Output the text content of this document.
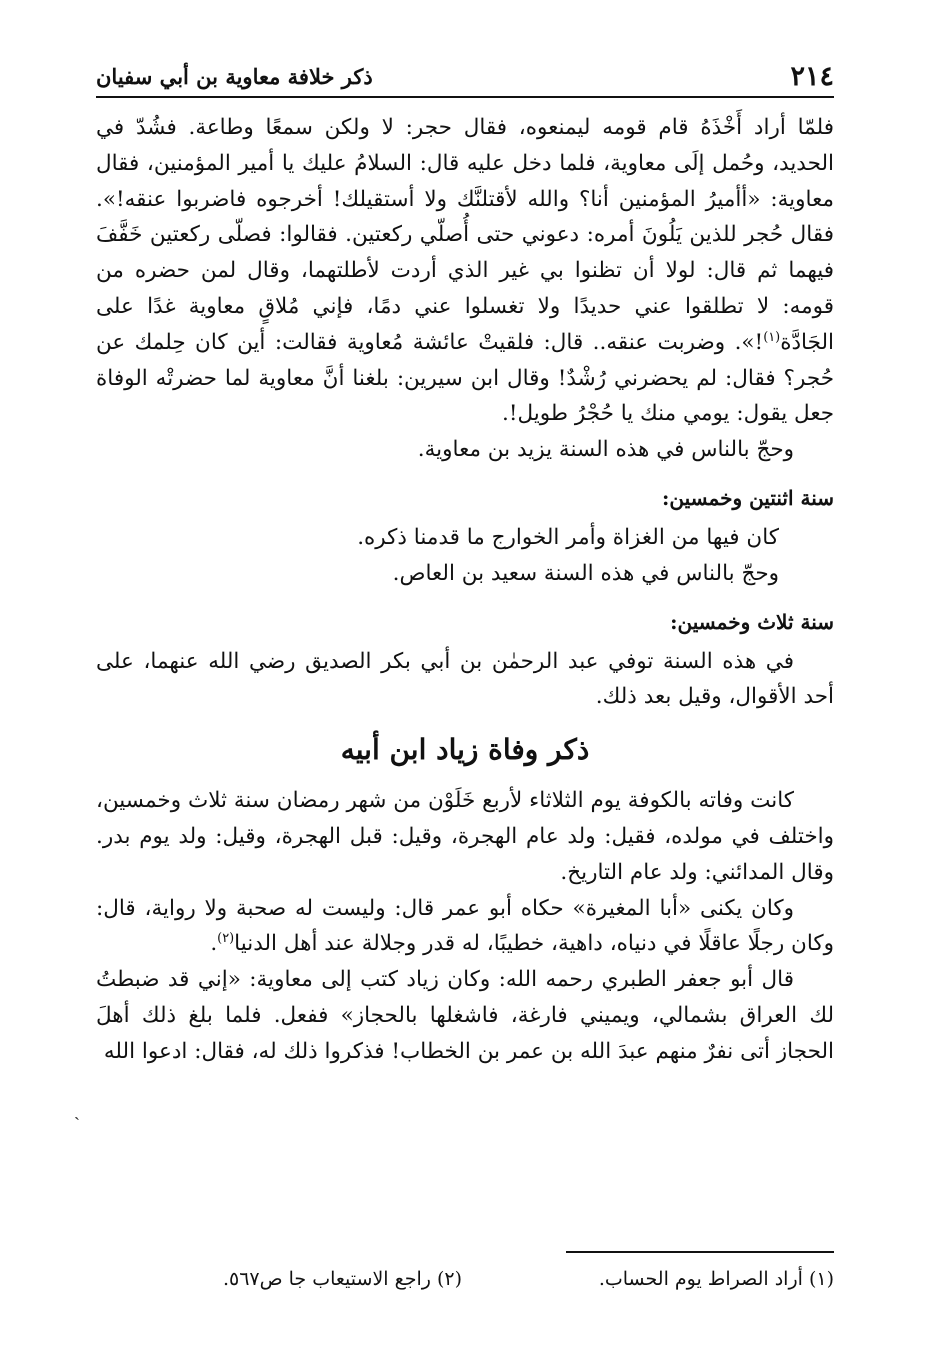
٢١٤
ذكر خلافة معاوية بن أبي سفيان

فلمّا أراد أَخْذَهُ قام قومه ليمنعوه، فقال حجر: لا ولكن سمعًا وطاعة. فشُدّ في الحديد، وحُمل إلَى معاوية، فلما دخل عليه قال: السلامُ عليك يا أمير المؤمنين، فقال معاوية: «أأميرُ المؤمنين أنا؟ والله لأقتلنَّك ولا أستقيلك! أخرجوه فاضربوا عنقه!». فقال حُجر للذين يَلُونَ أمره: دعوني حتى أُصلّي ركعتين. فقالوا: فصلّى ركعتين خَفَّفَ فيهما ثم قال: لولا أن تظنوا بي غير الذي أردت لأطلتهما، وقال لمن حضره من قومه: لا تطلقوا عني حديدًا ولا تغسلوا عني دمًا، فإني مُلاقٍ معاوية غدًا على الجَادَّة$^{(١)}$!». وضربت عنقه.. قال: فلقيتْ عائشة مُعاوية فقالت: أين كان حِلمك عن حُجر؟ فقال: لم يحضرني رُشْدٌ! وقال ابن سيرين: بلغنا أنَّ معاوية لما حضرتْه الوفاة جعل يقول: يومي منك يا حُجْرُ طويل!.

وحجّ بالناس في هذه السنة يزيد بن معاوية.

سنة اثنتين وخمسين:

كان فيها من الغزاة وأمر الخوارج ما قدمنا ذكره.

وحجّ بالناس في هذه السنة سعيد بن العاص.

سنة ثلاث وخمسين:

في هذه السنة توفي عبد الرحمٰن بن أبي بكر الصديق رضي الله عنهما، على أحد الأقوال، وقيل بعد ذلك.

ذكر وفاة زياد ابن أبيه

كانت وفاته بالكوفة يوم الثلاثاء لأربع خَلَوْن من شهر رمضان سنة ثلاث وخمسين، واختلف في مولده، فقيل: ولد عام الهجرة، وقيل: قبل الهجرة، وقيل: ولد يوم بدر. وقال المدائني: ولد عام التاريخ.

وكان يكنى «أبا المغيرة» حكاه أبو عمر قال: وليست له صحبة ولا رواية، قال: وكان رجلًا عاقلًا في دنياه، داهية، خطيبًا، له قدر وجلالة عند أهل الدنيا$^{(٢)}$.

قال أبو جعفر الطبري رحمه الله: وكان زياد كتب إلى معاوية: «إني قد ضبطتُ لك العراق بشمالي، ويميني فارغة، فاشغلها بالحجاز» ففعل. فلما بلغ ذلك أهلَ الحجاز أتى نفرٌ منهم عبدَ الله بن عمر بن الخطاب! فذكروا ذلك له، فقال: ادعوا الله

ˎ
(١) أراد الصراط يوم الحساب.
(٢) راجع الاستيعاب جا ص٥٦٧.
